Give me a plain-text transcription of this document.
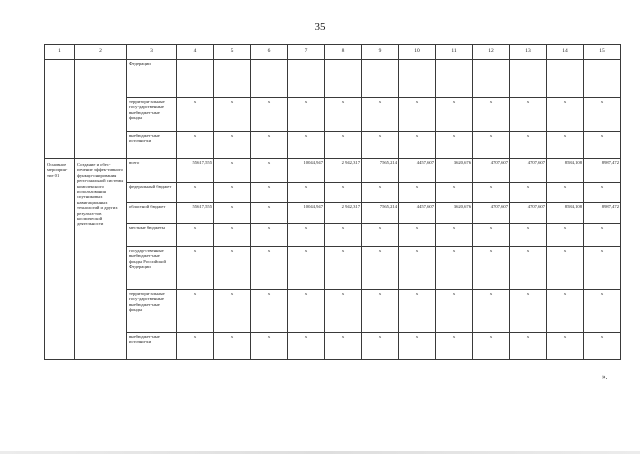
35
1	2	3	4	5	6	7	8	9	10	11	12	13	14	15
		Федерации												
		территори-альные госу-дарственные внебюджет-ные фонды	x	x	x	x	x	x	x	x	x	x	x	x
		внебюджет-ные источни-ки	x	x	x	x	x	x	x	x	x	x	x	x
Основное мероприя-тие 01	Создание и обес-печение эффек-тивного функци-онирования реги-ональной системы комплексного использования спутниковых навигационных технологий и других результа-тов космической деятельности	всего	55617,555	x	x	10044,947	2 942,317	7565,214	4457,607	3620,676	4707,607	4707,607	8584,108	8987,472
		федеральный бюджет	x	x	x	x	x	x	x	x	x	x	x	x
		областной бюджет	55617,555	x	x	10044,947	2 942,317	7565,214	4457,607	3620,676	4707,607	4707,607	8584,108	8987,472
		местные бюджеты	x	x	x	x	x	x	x	x	x	x	x	x
		государ-ственные внебюджет-ные фонды Российской Федерации	x	x	x	x	x	x	x	x	x	x	x	x
		территори-альные госу-дарственные внебюджет-ные фонды	x	x	x	x	x	x	x	x	x	x	x	x
		внебюджет-ные источни-ки	x	x	x	x	x	x	x	x	x	x	x	x
».
